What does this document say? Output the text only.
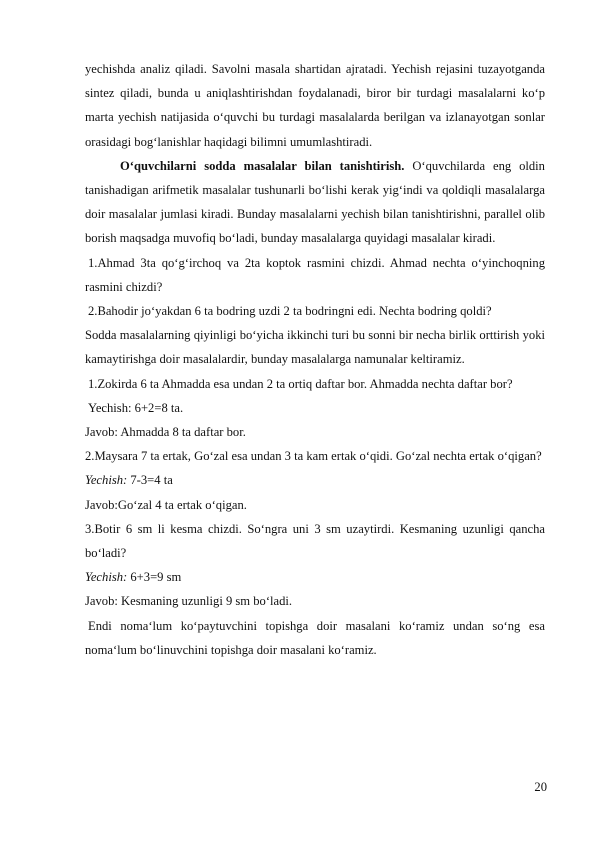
yechishda analiz qiladi. Savolni masala shartidan ajratadi. Yechish rejasini tuzayotganda sintez qiladi, bunda u aniqlashtirishdan foydalanadi, biror bir turdagi masalalarni ko‘p marta yechish natijasida o‘quvchi bu turdagi masalalarda berilgan va izlanayotgan sonlar orasidagi bog‘lanishlar haqidagi bilimni umumlashtiradi.

O‘quvchilarni sodda masalalar bilan tanishtirish. O‘quvchilarda eng oldin tanishadigan arifmetik masalalar tushunarli bo‘lishi kerak yig‘indi va qoldiqli masalalarga doir masalalar jumlasi kiradi. Bunday masalalarni yechish bilan tanishtirishni, parallel olib borish maqsadga muvofiq bo‘ladi, bunday masalalarga quyidagi masalalar kiradi.

1.Ahmad 3ta qo‘g‘irchoq va 2ta koptok rasmini chizdi. Ahmad nechta o‘yinchoqning rasmini chizdi?

2.Bahodir jo‘yakdan 6 ta bodring uzdi 2 ta bodringni edi. Nechta bodring qoldi?

Sodda masalalarning qiyinligi bo‘yicha ikkinchi turi bu sonni bir necha birlik orttirish yoki kamaytirishga doir masalalardir, bunday masalalarga namunalar keltiramiz.

1.Zokirda 6 ta Ahmadda esa undan 2 ta ortiq daftar bor. Ahmadda nechta daftar bor?

Yechish: 6+2=8 ta.

Javob: Ahmadda 8 ta daftar bor.

2.Maysara 7 ta ertak, Go‘zal esa undan 3 ta kam ertak o‘qidi. Go‘zal nechta ertak o‘qigan?

Yechish: 7-3=4 ta

Javob:Go‘zal 4 ta ertak o‘qigan.

3.Botir 6 sm li kesma chizdi. So‘ngra uni 3 sm uzaytirdi. Kesmaning uzunligi qancha bo‘ladi?

Yechish: 6+3=9 sm

Javob: Kesmaning uzunligi 9 sm bo‘ladi.

Endi noma‘lum ko‘paytuvchini topishga doir masalani ko‘ramiz undan so‘ng esa noma‘lum bo‘linuvchini topishga doir masalani ko‘ramiz.

20
